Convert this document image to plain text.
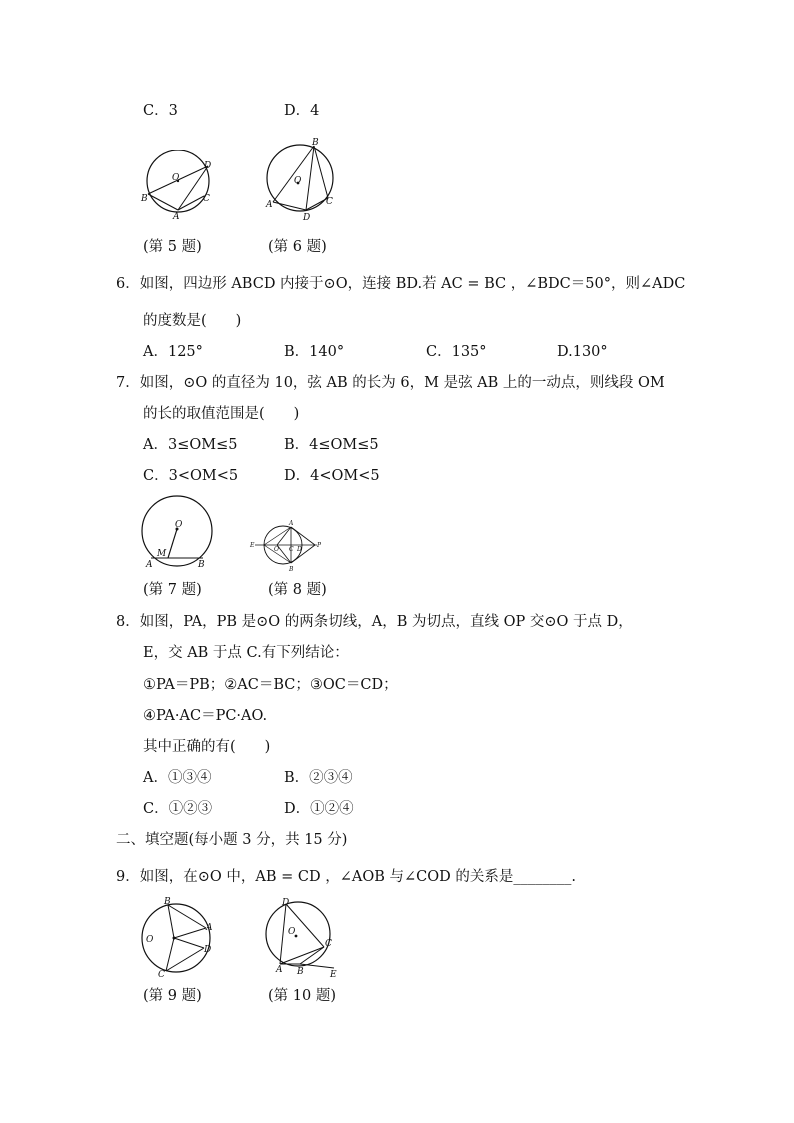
C．3	D．4
O
D
B	C
A
B
O
A
D
C
(第 5 题)	(第 6 题)
6．如图，四边形 ABCD 内接于⊙O，连接 BD.若 AC = BC ，∠BDC＝50°，则∠ADC
的度数是(　　)
A．125°	B．140°	C．135°	D.130°
7．如图，⊙O 的直径为 10，弦 AB 的长为 6，M 是弦 AB 上的一动点，则线段 OM
的长的取值范围是(　　)
A．3≤OM≤5	B．4≤OM≤5
C．3<OM<5	D．4<OM<5
O
M
A	B
A
E
O C D
P
B
(第 7 题)	(第 8 题)
8．如图，PA，PB 是⊙O 的两条切线，A，B 为切点，直线 OP 交⊙O 于点 D，
E，交 AB 于点 C.有下列结论：
①PA＝PB；②AC＝BC；③OC＝CD；
④PA·AC＝PC·AO.
其中正确的有(　　)
A．①③④	B．②③④
C．①②③	D．①②④
二、填空题(每小题 3 分，共 15 分)
9．如图，在⊙O 中，AB = CD ，∠AOB 与∠COD 的关系是________.
B
A
O
D
C
D
O
C
A B	E
(第 9 题)	(第 10 题)
